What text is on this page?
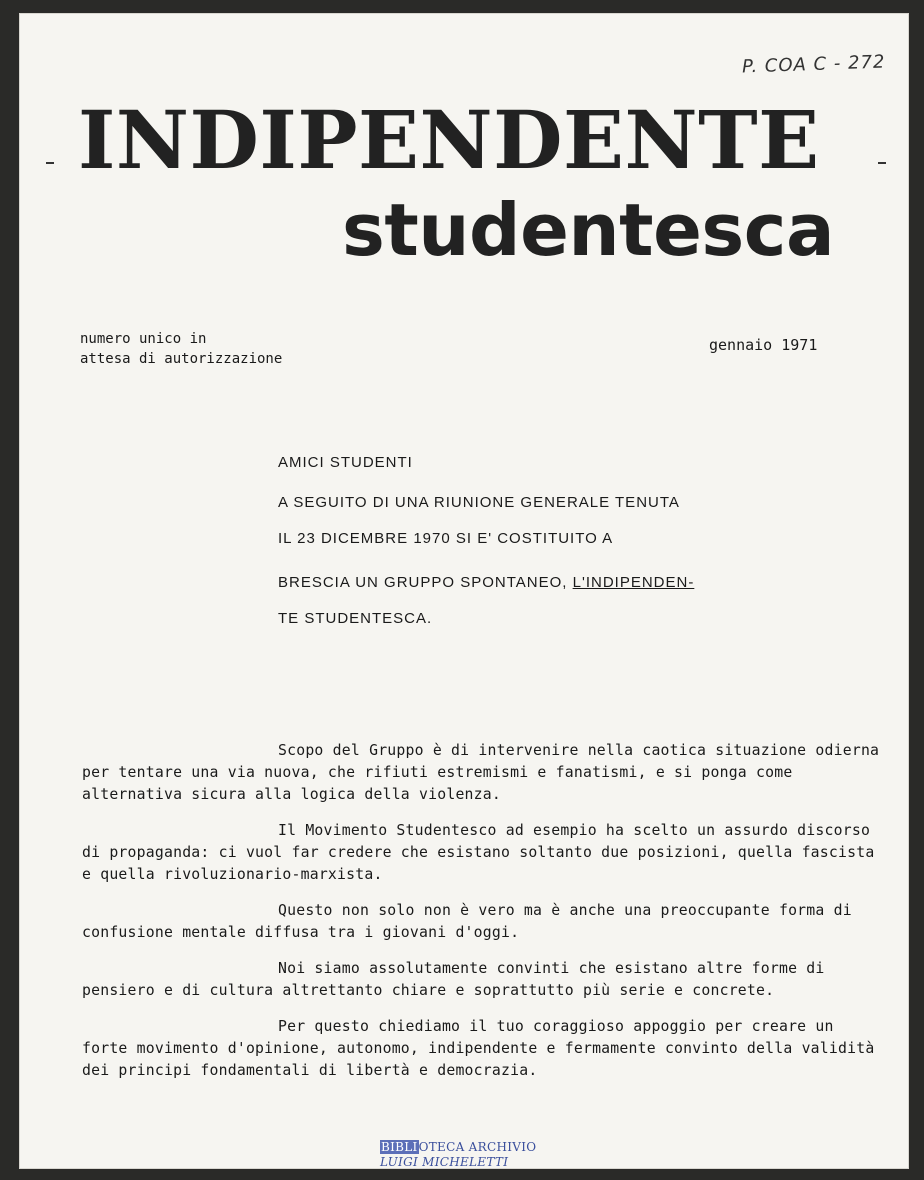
P. COA C - 272
INDIPENDENTE
studentesca
numero unico in
attesa di autorizzazione
gennaio 1971
AMICI STUDENTI
A SEGUITO DI UNA RIUNIONE GENERALE TENUTA
IL 23 DICEMBRE 1970 SI E' COSTITUITO A
BRESCIA UN GRUPPO SPONTANEO, L'INDIPENDEN-
TE STUDENTESCA.

Scopo del Gruppo è di intervenire nella caotica situazione odierna per tentare una via nuova, che rifiuti estremismi e fanatismi, e si ponga come alternativa sicura alla logica della violenza.

Il Movimento Studentesco ad esempio ha scelto un assurdo discorso di propaganda: ci vuol far credere che esistano soltanto due posizioni, quella fascista e quella rivoluzionario-marxista.

Questo non solo non è vero ma è anche una preoccupante forma di confusione mentale diffusa tra i giovani d'oggi.

Noi siamo assolutamente convinti che esistano altre forme di pensiero e di cultura altrettanto chiare e soprattutto più serie e concrete.

Per questo chiediamo il tuo coraggioso appoggio per creare un forte movimento d'opinione, autonomo, indipendente e fermamente convinto della validità dei principi fondamentali di libertà e democrazia.

BIBLIOTECA ARCHIVIO
LUIGI MICHELETTI
